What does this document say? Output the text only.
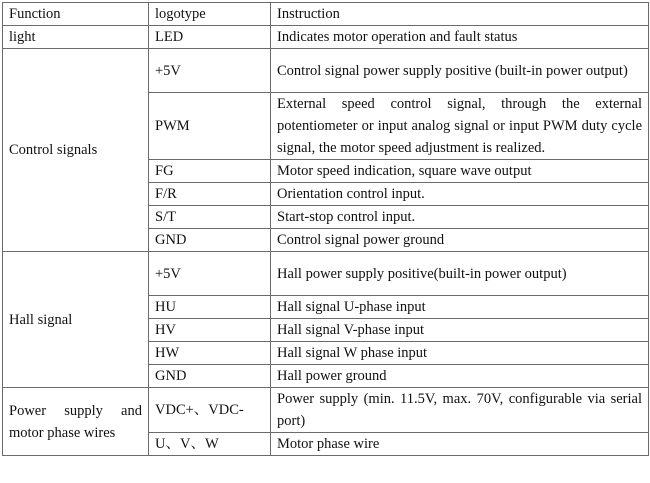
Function	logotype	Instruction
light	LED	Indicates motor operation and fault status
Control signals	+5V	Control signal power supply positive (built-in power output)
	PWM	External speed control signal, through the external potentiometer or input analog signal or input PWM duty cycle signal, the motor speed adjustment is realized.
	FG	Motor speed indication, square wave output
	F/R	Orientation control input.
	S/T	Start-stop control input.
	GND	Control signal power ground
Hall signal	+5V	Hall power supply positive(built-in power output)
	HU	Hall signal U-phase input
	HV	Hall signal V-phase input
	HW	Hall signal W phase input
	GND	Hall power ground
Power supply and motor phase wires	VDC+、VDC-	Power supply (min. 11.5V, max. 70V, configurable via serial port)
	U、V、W	Motor phase wire
